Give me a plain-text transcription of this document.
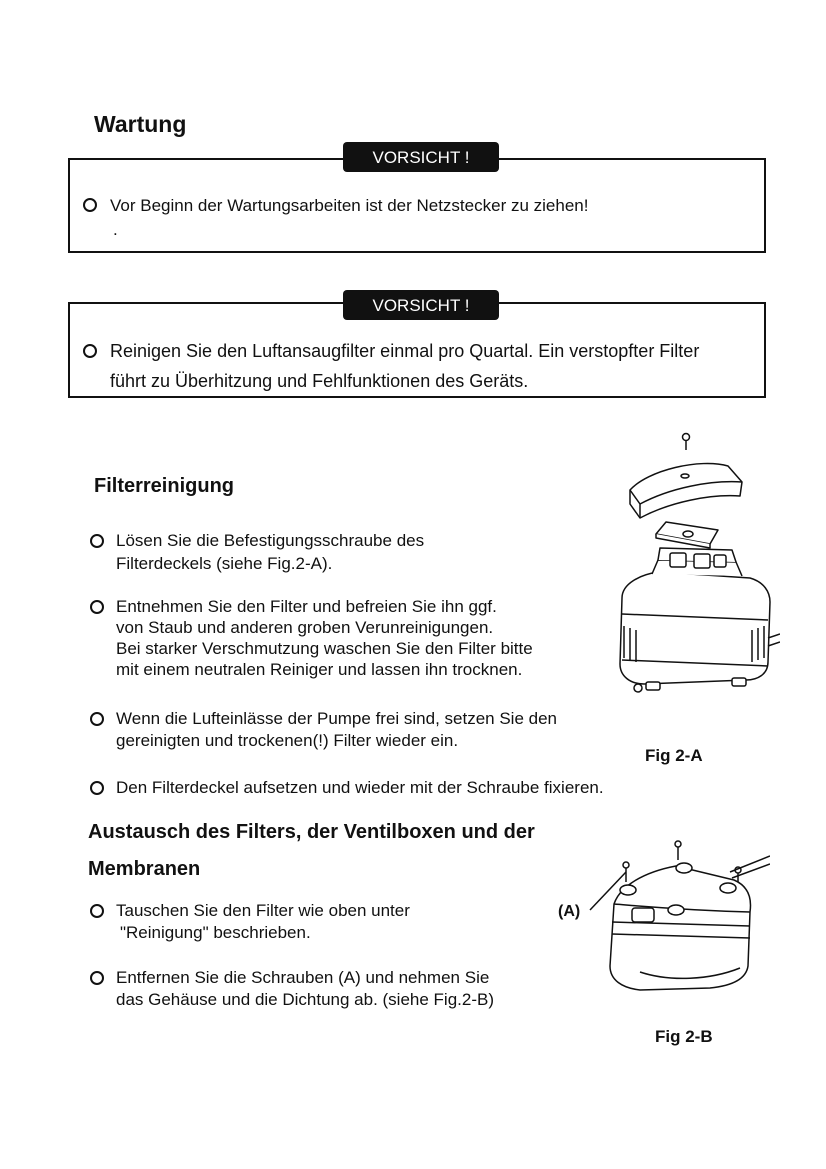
Wartung
VORSICHT !
Vor Beginn der Wartungsarbeiten ist der Netzstecker zu ziehen!
.
VORSICHT !
Reinigen Sie den Luftansaugfilter einmal pro Quartal. Ein verstopfter Filter
führt zu Überhitzung und Fehlfunktionen des Geräts.
Filterreinigung
Lösen Sie die Befestigungsschraube des
Filterdeckels (siehe Fig.2-A).
Entnehmen Sie den Filter und befreien Sie ihn ggf.
von Staub und anderen groben Verunreinigungen.
Bei starker Verschmutzung waschen Sie den Filter bitte
mit einem neutralen Reiniger und lassen ihn trocknen.
Wenn die Lufteinlässe der Pumpe frei sind, setzen Sie den
gereinigten und trockenen(!) Filter wieder ein.
Fig 2-A
Den Filterdeckel aufsetzen und wieder mit der Schraube fixieren.
Austausch des Filters, der Ventilboxen und der
Membranen
Tauschen Sie den Filter wie oben unter
"Reinigung" beschrieben.
Entfernen Sie die Schrauben (A) und nehmen Sie
das Gehäuse und die Dichtung ab. (siehe Fig.2-B)
(A)
Fig 2-B
